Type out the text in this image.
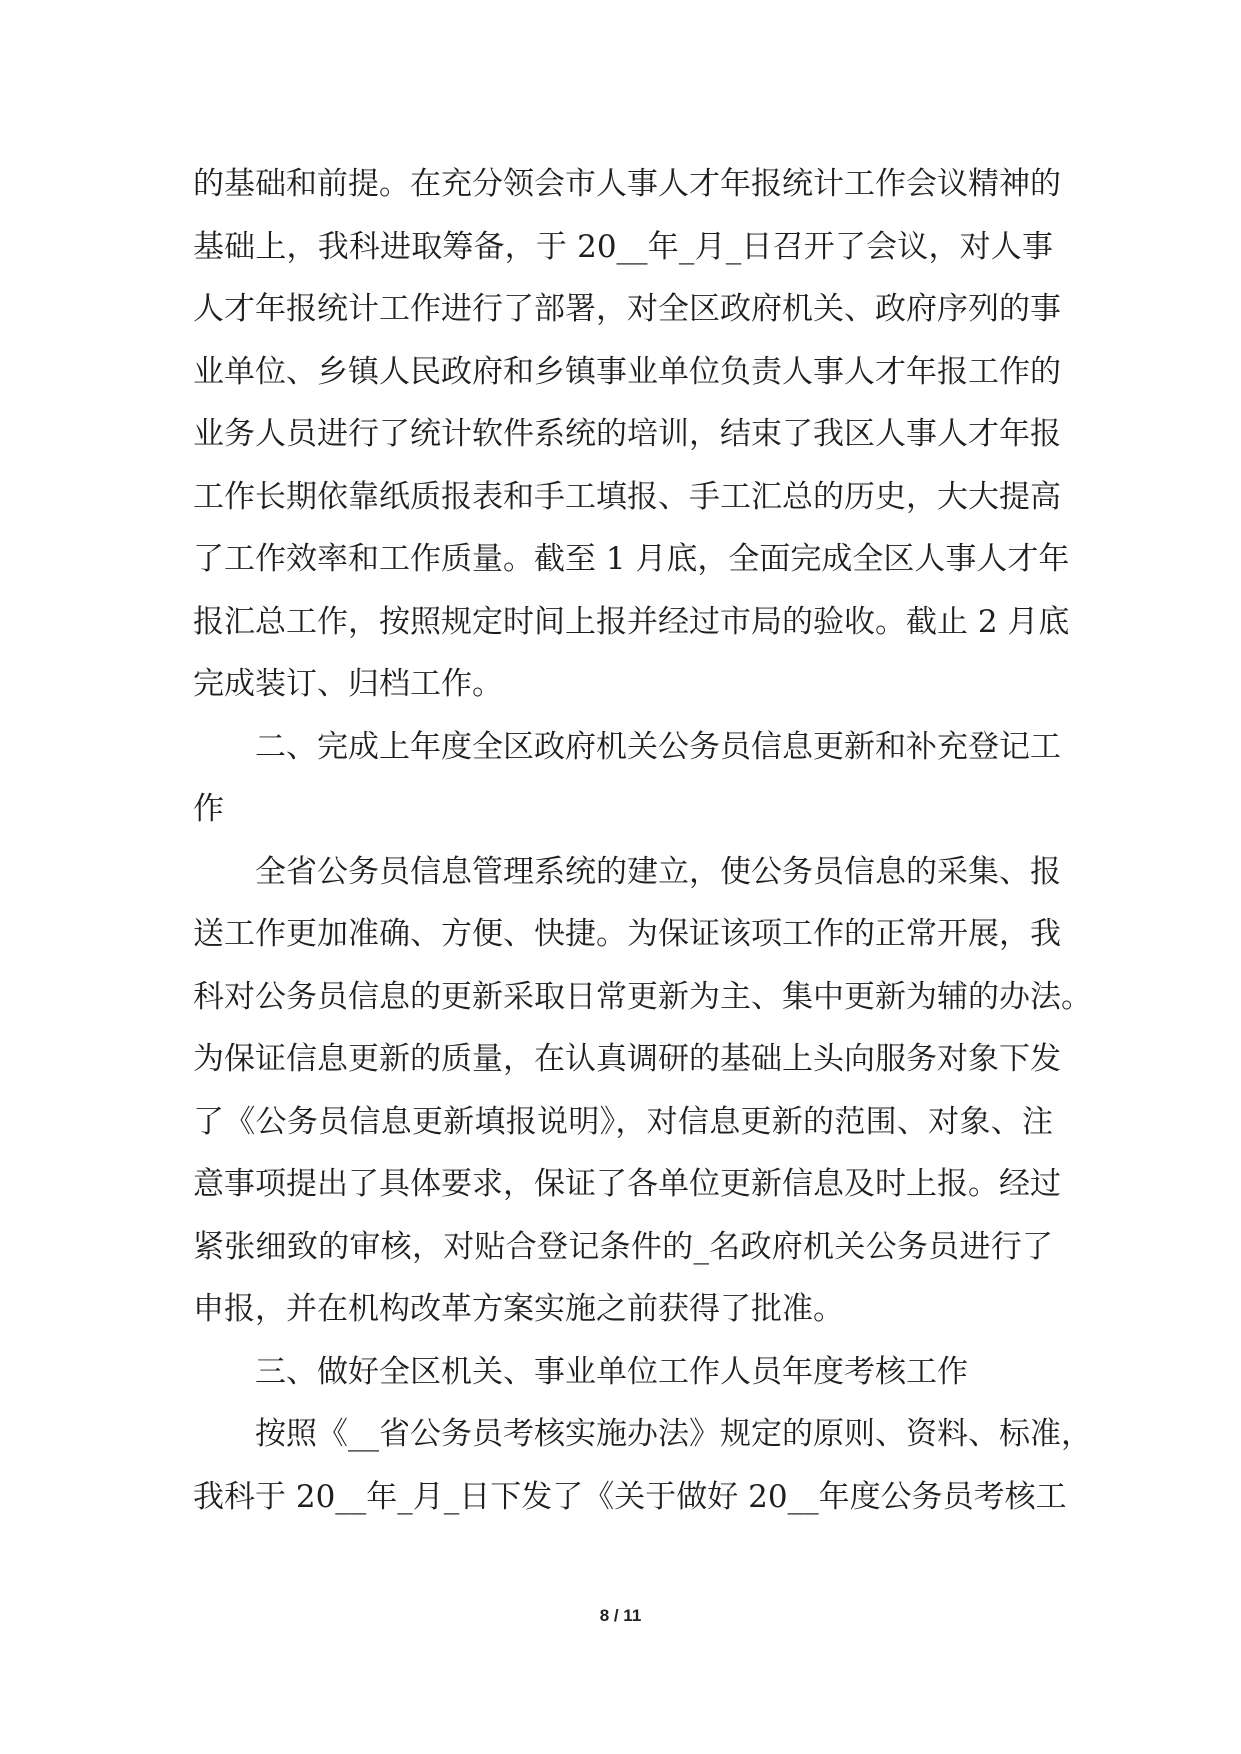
的基础和前提。在充分领会市人事人才年报统计工作会议精神的
基础上，我科进取筹备，于 20__年_月_日召开了会议，对人事
人才年报统计工作进行了部署，对全区政府机关、政府序列的事
业单位、乡镇人民政府和乡镇事业单位负责人事人才年报工作的
业务人员进行了统计软件系统的培训，结束了我区人事人才年报
工作长期依靠纸质报表和手工填报、手工汇总的历史，大大提高
了工作效率和工作质量。截至 1 月底，全面完成全区人事人才年
报汇总工作，按照规定时间上报并经过市局的验收。截止 2 月底
完成装订、归档工作。
二、完成上年度全区政府机关公务员信息更新和补充登记工
作
全省公务员信息管理系统的建立，使公务员信息的采集、报
送工作更加准确、方便、快捷。为保证该项工作的正常开展，我
科对公务员信息的更新采取日常更新为主、集中更新为辅的办法。
为保证信息更新的质量，在认真调研的基础上头向服务对象下发
了《公务员信息更新填报说明》，对信息更新的范围、对象、注
意事项提出了具体要求，保证了各单位更新信息及时上报。经过
紧张细致的审核，对贴合登记条件的_名政府机关公务员进行了
申报，并在机构改革方案实施之前获得了批准。
三、做好全区机关、事业单位工作人员年度考核工作
按照《__省公务员考核实施办法》规定的原则、资料、标准，
我科于 20__年_月_日下发了《关于做好 20__年度公务员考核工
8 / 11
